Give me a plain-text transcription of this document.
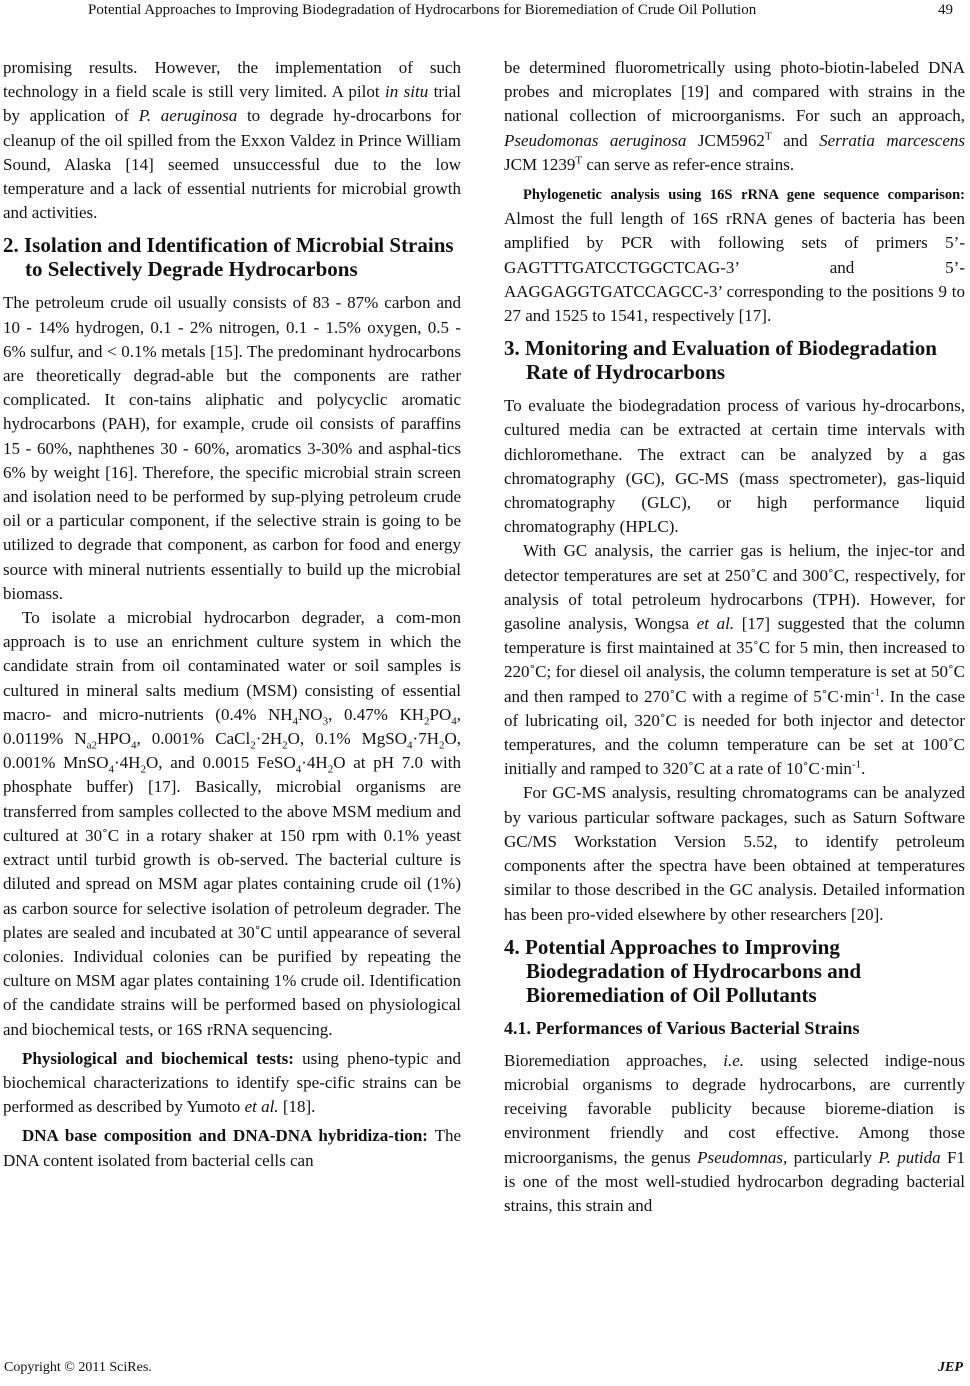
Potential Approaches to Improving Biodegradation of Hydrocarbons for Bioremediation of Crude Oil Pollution	49

promising results. However, the implementation of such technology in a field scale is still very limited. A pilot in situ trial by application of P. aeruginosa to degrade hy-drocarbons for cleanup of the oil spilled from the Exxon Valdez in Prince William Sound, Alaska [14] seemed unsuccessful due to the low temperature and a lack of essential nutrients for microbial growth and activities.

2. Isolation and Identification of Microbial Strains to Selectively Degrade Hydrocarbons

The petroleum crude oil usually consists of 83 - 87% carbon and 10 - 14% hydrogen, 0.1 - 2% nitrogen, 0.1 - 1.5% oxygen, 0.5 - 6% sulfur, and < 0.1% metals [15]. The predominant hydrocarbons are theoretically degrad-able but the components are rather complicated. It con-tains aliphatic and polycyclic aromatic hydrocarbons (PAH), for example, crude oil consists of paraffins 15 - 60%, naphthenes 30 - 60%, aromatics 3-30% and asphal-tics 6% by weight [16]. Therefore, the specific microbial strain screen and isolation need to be performed by sup-plying petroleum crude oil or a particular component, if the selective strain is going to be utilized to degrade that component, as carbon for food and energy source with mineral nutrients essentially to build up the microbial biomass.

To isolate a microbial hydrocarbon degrader, a com-mon approach is to use an enrichment culture system in which the candidate strain from oil contaminated water or soil samples is cultured in mineral salts medium (MSM) consisting of essential macro- and micro-nutrients (0.4% $NH_4NO_3$, 0.47% $KH_2PO_4$, 0.0119% $N_{a2}HPO_4$, 0.001% $CaCl_2\cdot 2H_2O$, 0.1% $MgSO_4\cdot 7H_2O$, 0.001% $MnSO_4\cdot 4H_2O$, and 0.0015 $FeSO_4\cdot 4H_2O$ at pH 7.0 with phosphate buffer) [17]. Basically, microbial organisms are transferred from samples collected to the above MSM medium and cultured at 30˚C in a rotary shaker at 150 rpm with 0.1% yeast extract until turbid growth is ob-served. The bacterial culture is diluted and spread on MSM agar plates containing crude oil (1%) as carbon source for selective isolation of petroleum degrader. The plates are sealed and incubated at 30˚C until appearance of several colonies. Individual colonies can be purified by repeating the culture on MSM agar plates containing 1% crude oil. Identification of the candidate strains will be performed based on physiological and biochemical tests, or 16S rRNA sequencing.

Physiological and biochemical tests: using pheno-typic and biochemical characterizations to identify spe-cific strains can be performed as described by Yumoto et al. [18].

DNA base composition and DNA-DNA hybridiza-tion: The DNA content isolated from bacterial cells can

be determined fluorometrically using photo-biotin-labeled DNA probes and microplates [19] and compared with strains in the national collection of microorganisms. For such an approach, Pseudomonas aeruginosa $JCM5962^T$ and Serratia marcescens JCM $1239^T$ can serve as refer-ence strains.

Phylogenetic analysis using 16S rRNA gene sequence comparison: Almost the full length of 16S rRNA genes of bacteria has been amplified by PCR with following sets of primers 5’-GAGTTTGATCCTGGCTCAG-3’ and 5’-AAGGAGGTGATCCAGCC-3’ corresponding to the positions 9 to 27 and 1525 to 1541, respectively [17].

3. Monitoring and Evaluation of Biodegradation Rate of Hydrocarbons

To evaluate the biodegradation process of various hy-drocarbons, cultured media can be extracted at certain time intervals with dichloromethane. The extract can be analyzed by a gas chromatography (GC), GC-MS (mass spectrometer), gas-liquid chromatography (GLC), or high performance liquid chromatography (HPLC).

With GC analysis, the carrier gas is helium, the injec-tor and detector temperatures are set at 250˚C and 300˚C, respectively, for analysis of total petroleum hydrocarbons (TPH). However, for gasoline analysis, Wongsa et al. [17] suggested that the column temperature is first maintained at 35˚C for 5 min, then increased to 220˚C; for diesel oil analysis, the column temperature is set at 50˚C and then ramped to 270˚C with a regime of $5˚C\cdot\min^{-1}$. In the case of lubricating oil, 320˚C is needed for both injector and detector temperatures, and the column temperature can be set at 100˚C initially and ramped to 320˚C at a rate of $10˚C\cdot\min^{-1}$.

For GC-MS analysis, resulting chromatograms can be analyzed by various particular software packages, such as Saturn Software GC/MS Workstation Version 5.52, to identify petroleum components after the spectra have been obtained at temperatures similar to those described in the GC analysis. Detailed information has been pro-vided elsewhere by other researchers [20].

4. Potential Approaches to Improving Biodegradation of Hydrocarbons and Bioremediation of Oil Pollutants
4.1. Performances of Various Bacterial Strains

Bioremediation approaches, i.e. using selected indige-nous microbial organisms to degrade hydrocarbons, are currently receiving favorable publicity because bioreme-diation is environment friendly and cost effective. Among those microorganisms, the genus Pseudomnas, particularly P. putida F1 is one of the most well-studied hydrocarbon degrading bacterial strains, this strain and

Copyright © 2011 SciRes.	JEP
